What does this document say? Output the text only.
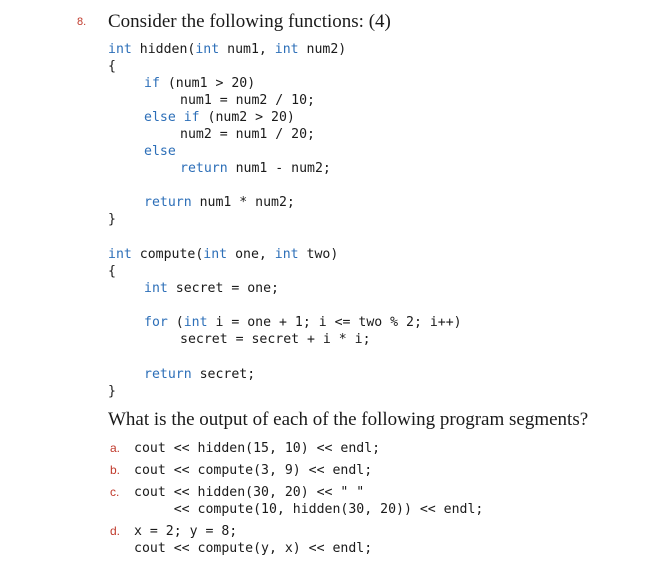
8. Consider the following functions: (4)
int hidden(int num1, int num2)
{
if (num1 > 20)
num1 = num2 / 10;
else if (num2 > 20)
num2 = num1 / 20;
else
return num1 - num2;
return num1 * num2;
}
int compute(int one, int two)
{
int secret = one;
for (int i = one + 1; i <= two % 2; i++)
secret = secret + i * i;
return secret;
}
What is the output of each of the following program segments?
a. cout << hidden(15, 10) << endl;
b. cout << compute(3, 9) << endl;
c. cout << hidden(30, 20) << " "
<< compute(10, hidden(30, 20)) << endl;
d. x = 2; y = 8;
cout << compute(y, x) << endl;
